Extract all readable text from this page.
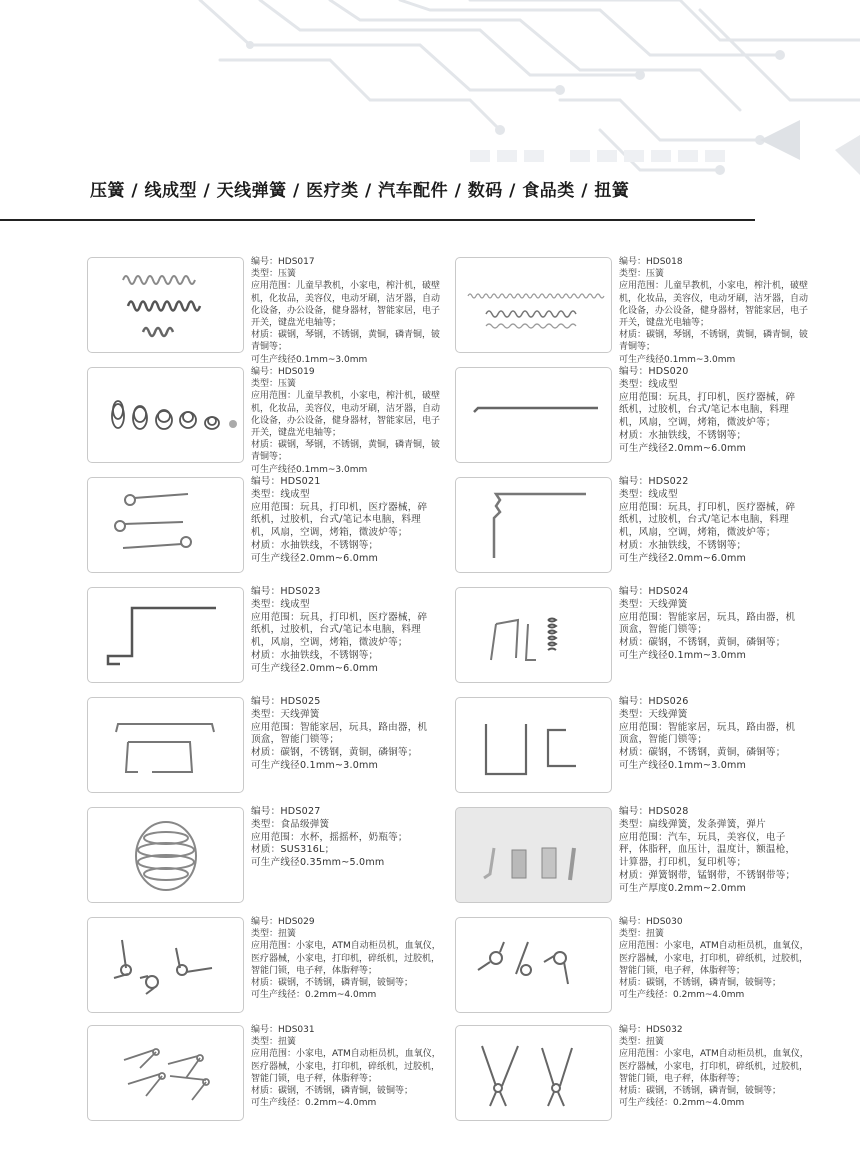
压簧 / 线成型 / 天线弹簧 / 医疗类 / 汽车配件 / 数码 / 食品类 / 扭簧
编号：HDS017
类型：压簧
应用范围：儿童早教机，小家电，榨汁机，破壁机，化妆品，美容仪，电动牙刷，洁牙器，自动化设备，办公设备，健身器材，智能家居，电子开关，键盘光电轴等；
材质：碳钢，琴钢，不锈钢，黄铜，磷青铜，铍青铜等；
可生产线径0.1mm~3.0mm
编号：HDS018
类型：压簧
应用范围：儿童早教机，小家电，榨汁机，破壁机，化妆品，美容仪，电动牙刷，洁牙器，自动化设备，办公设备，健身器材，智能家居，电子开关，键盘光电轴等；
材质：碳钢，琴钢，不锈钢，黄铜，磷青铜，铍青铜等；
可生产线径0.1mm~3.0mm
编号：HDS019
类型：压簧
应用范围：儿童早教机，小家电，榨汁机，破壁机，化妆品，美容仪，电动牙刷，洁牙器，自动化设备，办公设备，健身器材，智能家居，电子开关，键盘光电轴等；
材质：碳钢，琴钢，不锈钢，黄铜，磷青铜，铍青铜等；
可生产线径0.1mm~3.0mm
编号：HDS020
类型：线成型
应用范围：玩具，打印机，医疗器械，碎纸机，过胶机，台式/笔记本电脑，料理机，风扇，空调，烤箱，微波炉等；
材质：水抽铁线，不锈钢等；
可生产线径2.0mm~6.0mm
编号：HDS021
类型：线成型
应用范围：玩具，打印机，医疗器械，碎纸机，过胶机，台式/笔记本电脑，料理机，风扇，空调，烤箱，微波炉等；
材质：水抽铁线，不锈钢等；
可生产线径2.0mm~6.0mm
编号：HDS022
类型：线成型
应用范围：玩具，打印机，医疗器械，碎纸机，过胶机，台式/笔记本电脑，料理机，风扇，空调，烤箱，微波炉等；
材质：水抽铁线，不锈钢等；
可生产线径2.0mm~6.0mm
编号：HDS023
类型：线成型
应用范围：玩具，打印机，医疗器械，碎纸机，过胶机，台式/笔记本电脑，料理机，风扇，空调，烤箱，微波炉等；
材质：水抽铁线，不锈钢等；
可生产线径2.0mm~6.0mm
编号：HDS024
类型：天线弹簧
应用范围：智能家居，玩具，路由器，机顶盒，智能门锁等；
材质：碳钢，不锈钢，黄铜，磷铜等；
可生产线径0.1mm~3.0mm
编号：HDS025
类型：天线弹簧
应用范围：智能家居，玩具，路由器，机顶盒，智能门锁等；
材质：碳钢，不锈钢，黄铜，磷铜等；
可生产线径0.1mm~3.0mm
编号：HDS026
类型：天线弹簧
应用范围：智能家居，玩具，路由器，机顶盒，智能门锁等；
材质：碳钢，不锈钢，黄铜，磷铜等；
可生产线径0.1mm~3.0mm
编号：HDS027
类型：食品级弹簧
应用范围：水杯，摇摇杯，奶瓶等；
材质：SUS316L；
可生产线径0.35mm~5.0mm
编号：HDS028
类型：扁线弹簧，发条弹簧，弹片
应用范围：汽车，玩具，美容仪，电子秤，体脂秤，血压计，温度计，额温枪，计算器，打印机，复印机等；
材质：弹簧钢带，锰钢带，不锈钢带等；
可生产厚度0.2mm~2.0mm
编号：HDS029
类型：扭簧
应用范围：小家电，ATM自动柜员机，血氧仪，医疗器械，小家电，打印机，碎纸机，过胶机，智能门锁，电子秤，体脂秤等；
材质：碳钢，不锈钢，磷青铜，铍铜等；
可生产线径：0.2mm~4.0mm
编号：HDS030
类型：扭簧
应用范围：小家电，ATM自动柜员机，血氧仪，医疗器械，小家电，打印机，碎纸机，过胶机，智能门锁，电子秤，体脂秤等；
材质：碳钢，不锈钢，磷青铜，铍铜等；
可生产线径：0.2mm~4.0mm
编号：HDS031
类型：扭簧
应用范围：小家电，ATM自动柜员机，血氧仪，医疗器械，小家电，打印机，碎纸机，过胶机，智能门锁，电子秤，体脂秤等；
材质：碳钢，不锈钢，磷青铜，铍铜等；
可生产线径：0.2mm~4.0mm
编号：HDS032
类型：扭簧
应用范围：小家电，ATM自动柜员机，血氧仪，医疗器械，小家电，打印机，碎纸机，过胶机，智能门锁，电子秤，体脂秤等；
材质：碳钢，不锈钢，磷青铜，铍铜等；
可生产线径：0.2mm~4.0mm
